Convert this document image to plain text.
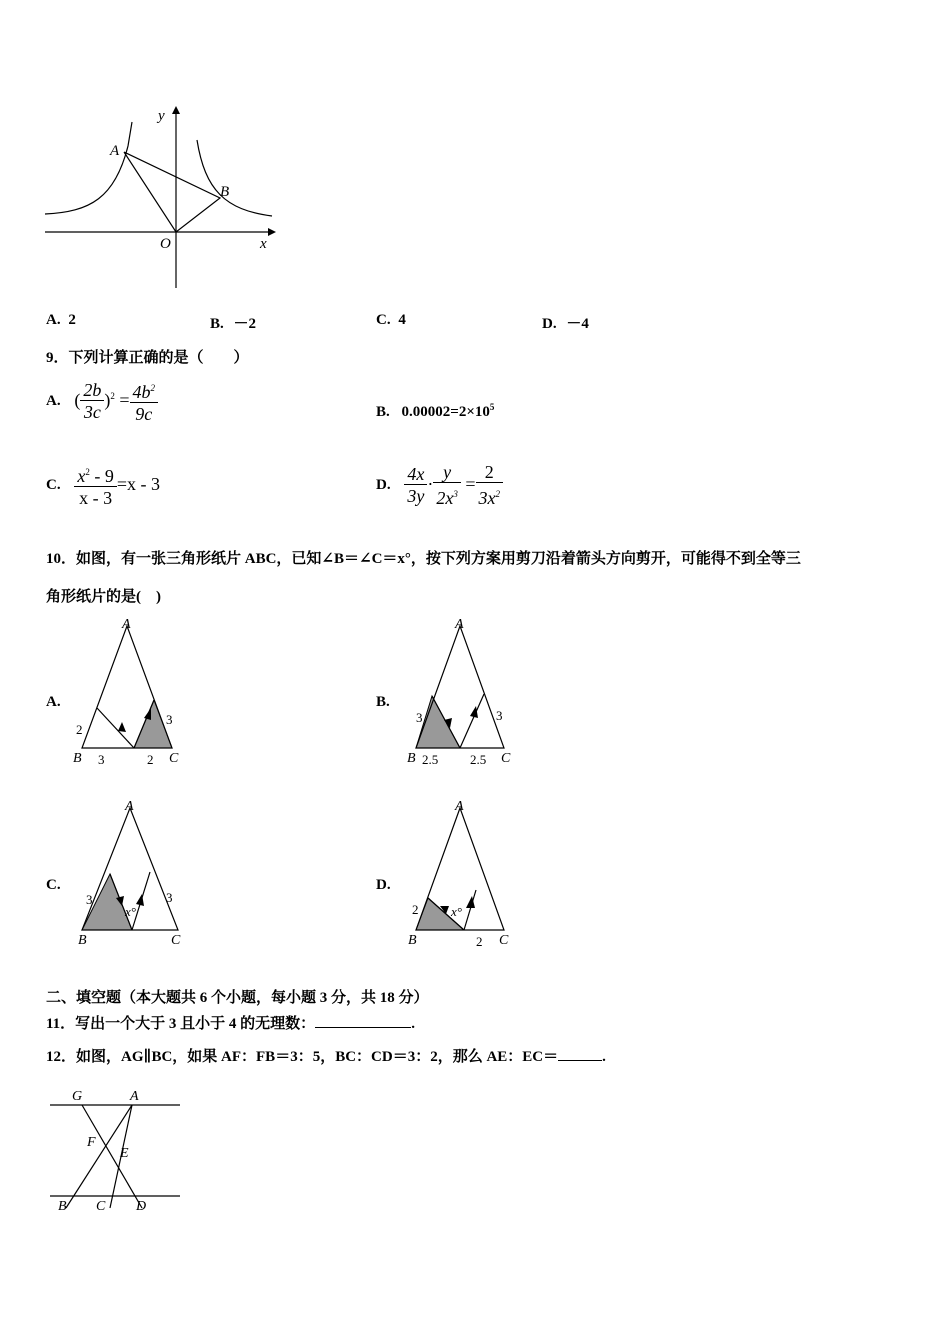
y
x
O
A
B
A. 2	B. －2	C. 4	D. －4
9．下列计算正确的是（　　）
A. ( $\frac{2b}{3c} )^2 = \frac{4b^2}{9c}$	B. $0.00002=2\times 10^5$
C. $\frac{x^2 - 9}{x - 3} =x - 3$	D. $\frac{4x}{3y} \cdot \frac{y}{2x^3} = \frac{2}{3x^2}$
10．如图，有一张三角形纸片 ABC，已知∠B＝∠C＝x°，按下列方案用剪刀沿着箭头方向剪开，可能得不到全等三
角形纸片的是(　)
A.
A
B	C
2
3	2
3
B.
A
B	C
3
2.5 2.5
3
C.
A
B	C
3
x°
3
D.
A
B	C
2	x°
2
二、填空题（本大题共 6 个小题，每小题 3 分，共 18 分）
11．写出一个大于 3 且小于 4 的无理数：	.
12．如图，AG∥BC，如果 AF：FB＝3：5，BC：CD＝3：2，那么 AE：EC＝	.
G	A
F
E
B C D
